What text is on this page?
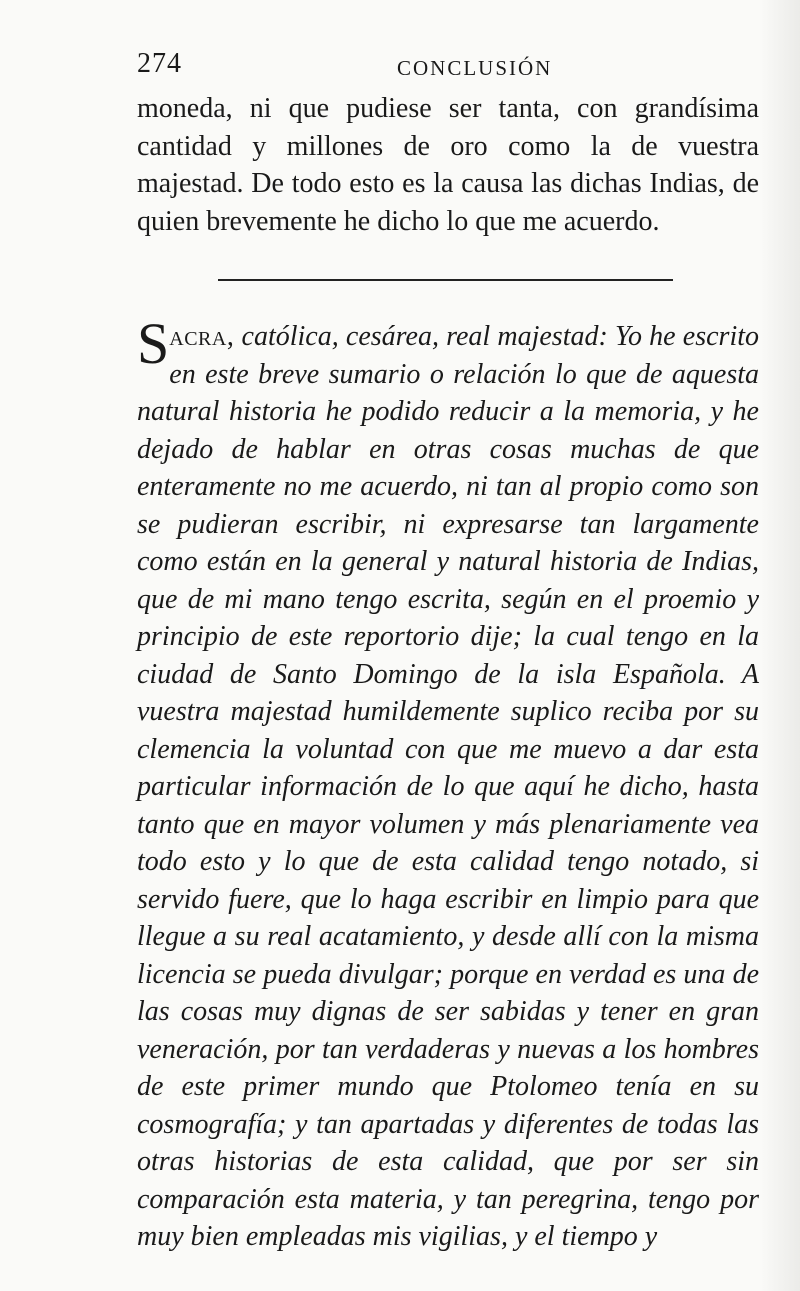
274	CONCLUSIÓN

moneda, ni que pudiese ser tanta, con grandísima cantidad y millones de oro como la de vuestra majestad. De todo esto es la causa las dichas Indias, de quien brevemente he dicho lo que me acuerdo.

Sacra, católica, cesárea, real majestad: Yo he escrito en este breve sumario o relación lo que de aquesta natural historia he podido reducir a la memoria, y he dejado de hablar en otras cosas muchas de que enteramente no me acuerdo, ni tan al propio como son se pudieran escribir, ni expresarse tan largamente como están en la general y natural historia de Indias, que de mi mano tengo escrita, según en el proemio y principio de este reportorio dije; la cual tengo en la ciudad de Santo Domingo de la isla Española. A vuestra majestad humildemente suplico reciba por su clemencia la voluntad con que me muevo a dar esta particular información de lo que aquí he dicho, hasta tanto que en mayor volumen y más plenariamente vea todo esto y lo que de esta calidad tengo notado, si servido fuere, que lo haga escribir en limpio para que llegue a su real acatamiento, y desde allí con la misma licencia se pueda divulgar; porque en verdad es una de las cosas muy dignas de ser sabidas y tener en gran veneración, por tan verdaderas y nuevas a los hombres de este primer mundo que Ptolomeo tenía en su cosmografía; y tan apartadas y diferentes de todas las otras historias de esta calidad, que por ser sin comparación esta materia, y tan peregrina, tengo por muy bien empleadas mis vigilias, y el tiempo y
